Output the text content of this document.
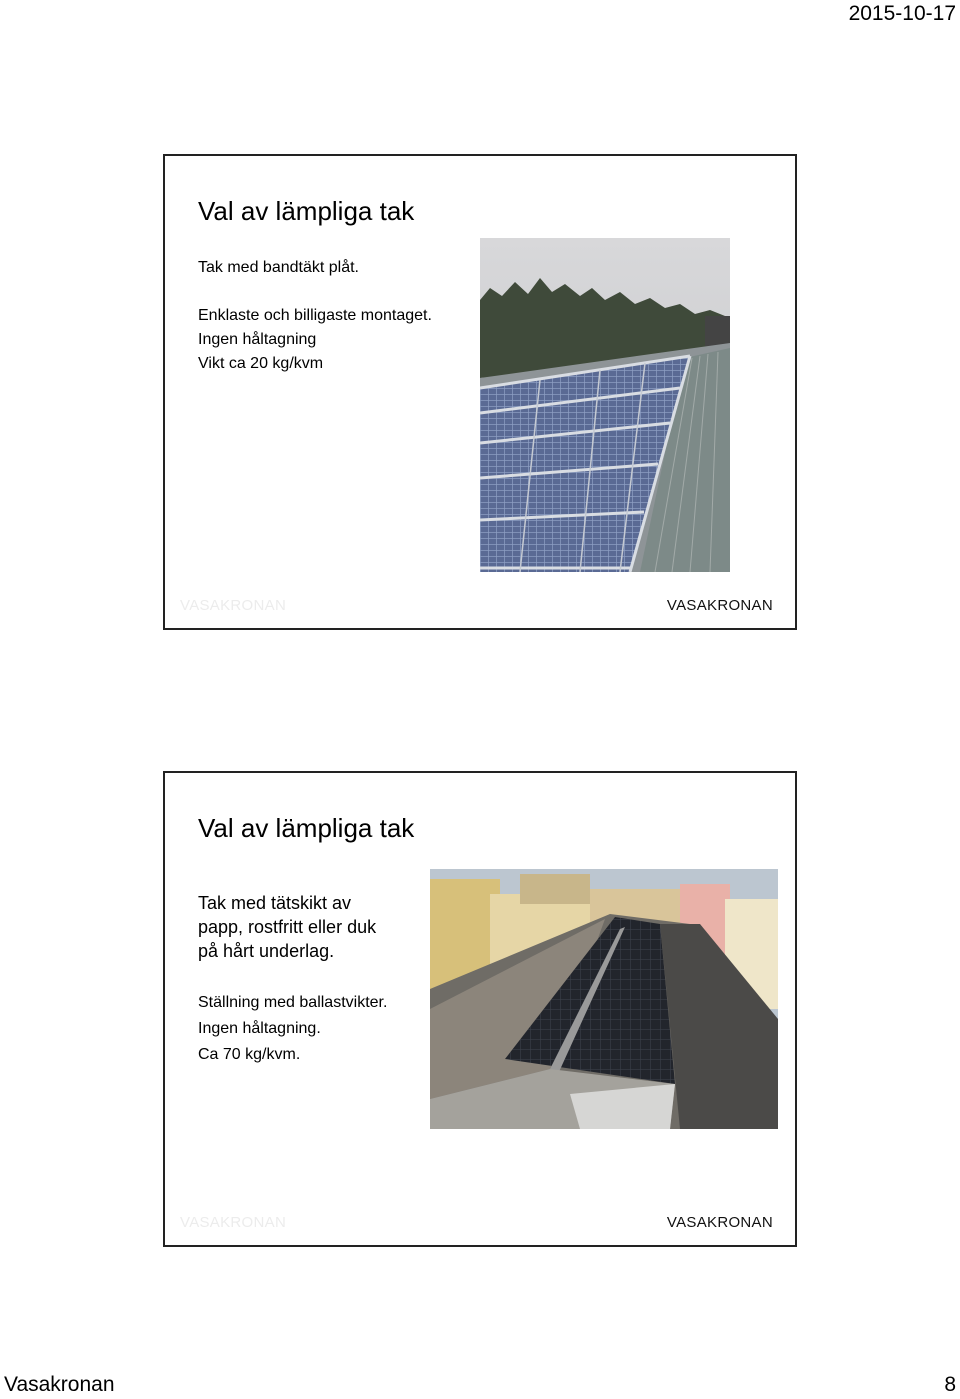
2015-10-17
Val av lämpliga tak
Tak med bandtäkt plåt.
Enklaste och billigaste montaget.
Ingen håltagning
Vikt ca 20 kg/kvm
VASAKRONAN	VASAKRONAN
Val av lämpliga tak
Tak med tätskikt av
papp, rostfritt eller duk
på hårt underlag.
Ställning med ballastvikter.
Ingen håltagning.
Ca 70 kg/kvm.
VASAKRONAN	VASAKRONAN
Vasakronan	8
